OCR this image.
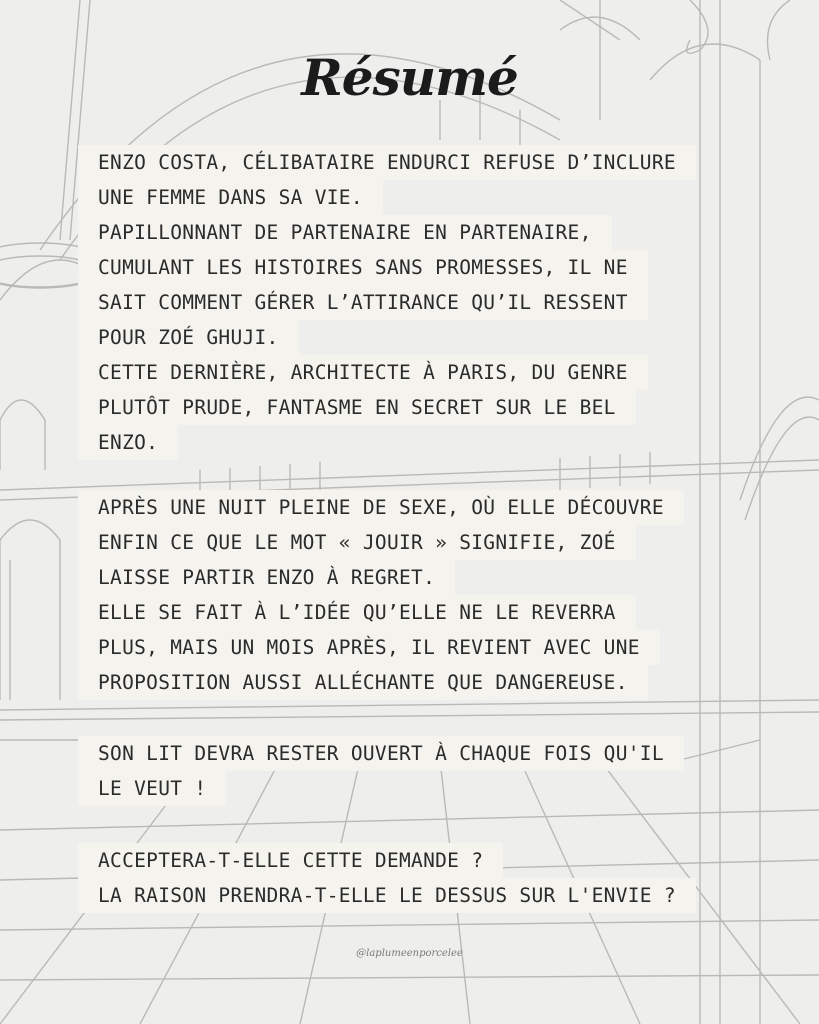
Résumé
ENZO COSTA, CÉLIBATAIRE ENDURCI REFUSE D’INCLURE
UNE FEMME DANS SA VIE.
PAPILLONNANT DE PARTENAIRE EN PARTENAIRE,
CUMULANT LES HISTOIRES SANS PROMESSES, IL NE
SAIT COMMENT GÉRER L’ATTIRANCE QU’IL RESSENT
POUR ZOÉ GHUJI.
CETTE DERNIÈRE, ARCHITECTE À PARIS, DU GENRE
PLUTÔT PRUDE, FANTASME EN SECRET SUR LE BEL
ENZO.
APRÈS UNE NUIT PLEINE DE SEXE, OÙ ELLE DÉCOUVRE
ENFIN CE QUE LE MOT « JOUIR » SIGNIFIE, ZOÉ
LAISSE PARTIR ENZO À REGRET.
ELLE SE FAIT À L’IDÉE QU’ELLE NE LE REVERRA
PLUS, MAIS UN MOIS APRÈS, IL REVIENT AVEC UNE
PROPOSITION AUSSI ALLÉCHANTE QUE DANGEREUSE.
SON LIT DEVRA RESTER OUVERT À CHAQUE FOIS QU'IL
LE VEUT !
ACCEPTERA-T-ELLE CETTE DEMANDE ?
LA RAISON PRENDRA-T-ELLE LE DESSUS SUR L'ENVIE ?
@laplumeenporcelee
